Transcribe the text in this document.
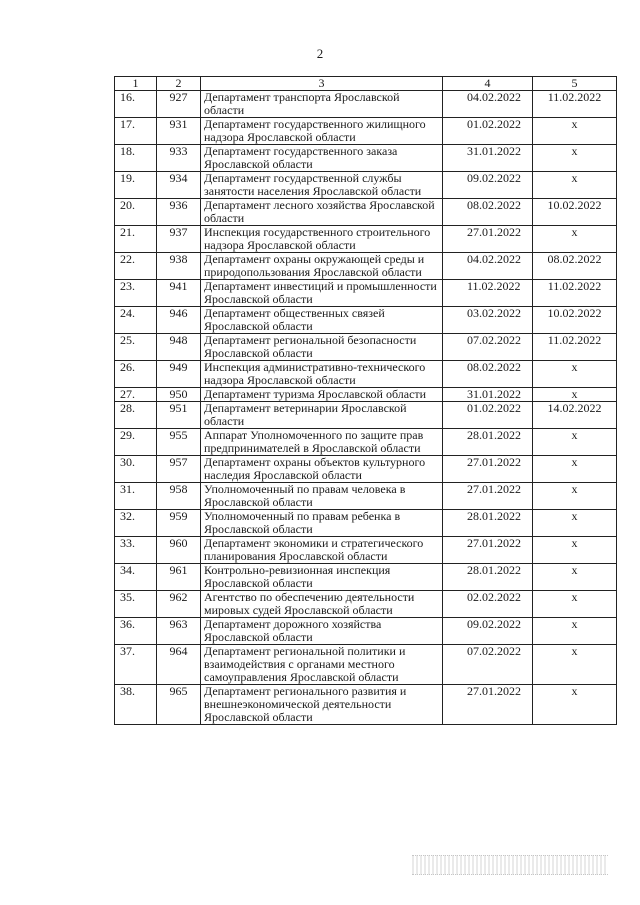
2
1	2	3	4	5
16.	927	Департамент транспорта Ярославской области	04.02.2022	11.02.2022
17.	931	Департамент государственного жилищного надзора Ярославской области	01.02.2022	x
18.	933	Департамент государственного заказа Ярославской области	31.01.2022	x
19.	934	Департамент государственной службы занятости населения Ярославской области	09.02.2022	x
20.	936	Департамент лесного хозяйства Ярославской области	08.02.2022	10.02.2022
21.	937	Инспекция государственного строительного надзора Ярославской области	27.01.2022	x
22.	938	Департамент охраны окружающей среды и природопользования Ярославской области	04.02.2022	08.02.2022
23.	941	Департамент инвестиций и промышленности Ярославской области	11.02.2022	11.02.2022
24.	946	Департамент общественных связей Ярославской области	03.02.2022	10.02.2022
25.	948	Департамент региональной безопасности Ярославской области	07.02.2022	11.02.2022
26.	949	Инспекция административно-технического надзора Ярославской области	08.02.2022	x
27.	950	Департамент туризма Ярославской области	31.01.2022	x
28.	951	Департамент ветеринарии Ярославской области	01.02.2022	14.02.2022
29.	955	Аппарат Уполномоченного по защите прав предпринимателей в Ярославской области	28.01.2022	x
30.	957	Департамент охраны объектов культурного наследия Ярославской области	27.01.2022	x
31.	958	Уполномоченный по правам человека в Ярославской области	27.01.2022	x
32.	959	Уполномоченный по правам ребенка в Ярославской области	28.01.2022	x
33.	960	Департамент экономики и стратегического планирования Ярославской области	27.01.2022	x
34.	961	Контрольно-ревизионная инспекция Ярославской области	28.01.2022	x
35.	962	Агентство по обеспечению деятельности мировых судей Ярославской области	02.02.2022	x
36.	963	Департамент дорожного хозяйства Ярославской области	09.02.2022	x
37.	964	Департамент региональной политики и взаимодействия с органами местного самоуправления Ярославской области	07.02.2022	x
38.	965	Департамент регионального развития и внешнеэкономической деятельности Ярославской области	27.01.2022	x
